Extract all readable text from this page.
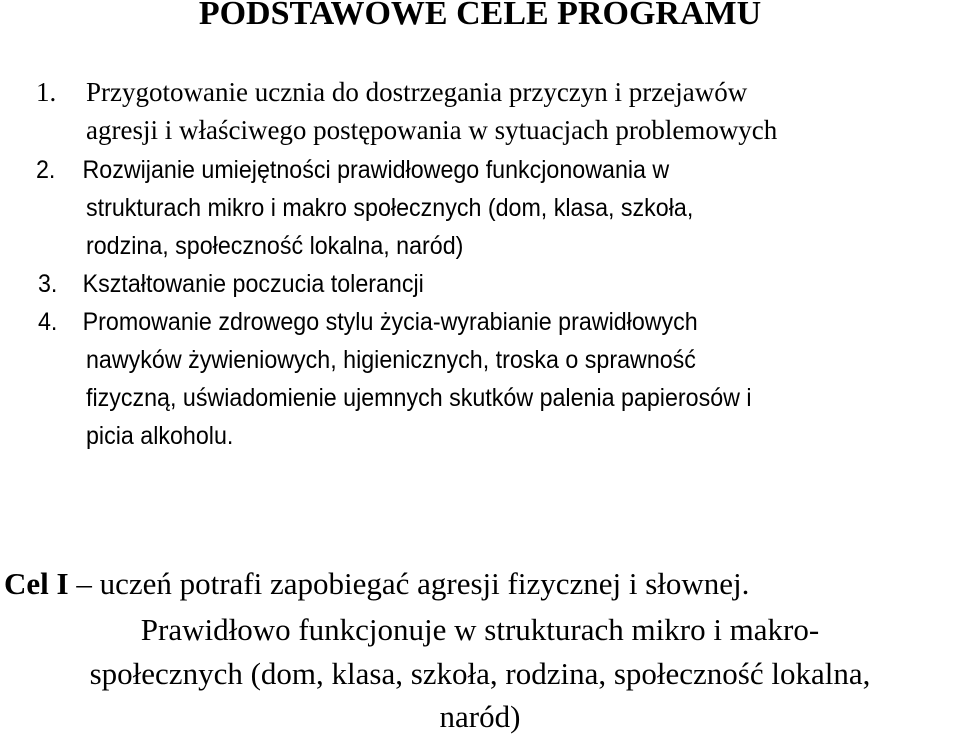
PODSTAWOWE CELE PROGRAMU
1. Przygotowanie ucznia do dostrzegania przyczyn i przejawów
agresji i właściwego postępowania w sytuacjach problemowych
2. Rozwijanie umiejętności prawidłowego funkcjonowania w
strukturach mikro i makro społecznych (dom, klasa, szkoła,
rodzina, społeczność lokalna, naród)
3. Kształtowanie poczucia tolerancji
4. Promowanie zdrowego stylu życia-wyrabianie prawidłowych
nawyków żywieniowych, higienicznych, troska o sprawność
fizyczną, uświadomienie ujemnych skutków palenia papierosów i
picia alkoholu.
Cel I – uczeń potrafi zapobiegać agresji fizycznej i słownej.
Prawidłowo funkcjonuje w strukturach mikro i makro-
społecznych (dom, klasa, szkoła, rodzina, społeczność lokalna,
naród)
